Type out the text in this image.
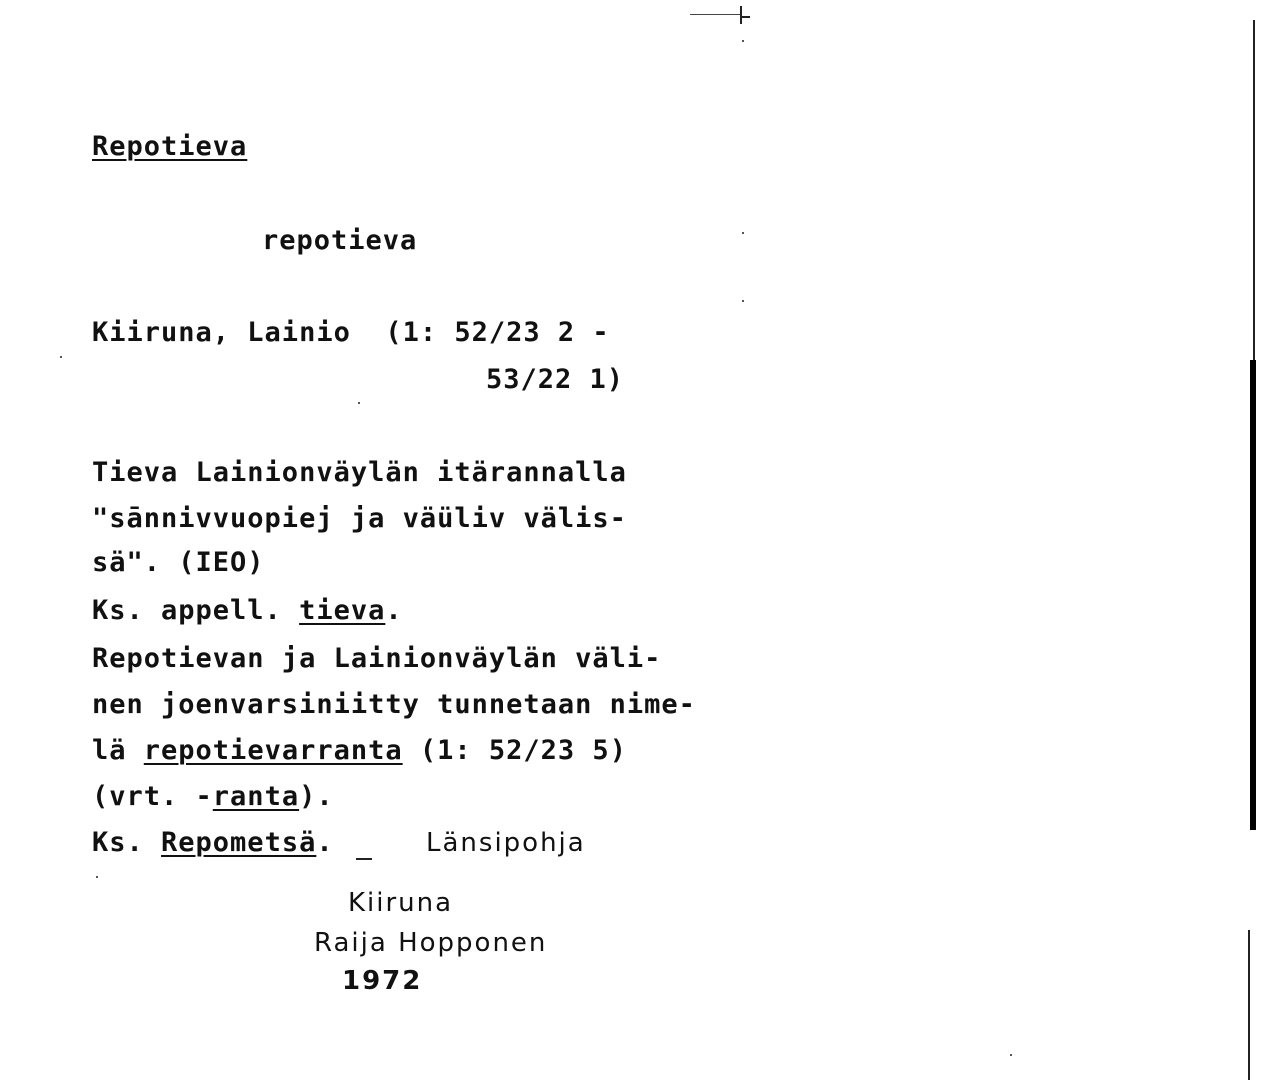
Repotieva
repotieva
Kiiruna, Lainio  (1: 52/23 2 -
53/22 1)
Tieva Lainionväylän itärannalla
"sānnivvuopiej ja väüliv välis-
sä". (IEO)
Ks. appell. tieva.
Repotievan ja Lainionväylän väli-
nen joenvarsiniitty tunnetaan nime-
lä repotievarranta (1: 52/23 5)
(vrt. -ranta).
Ks. Repometsä.	Länsipohja
Kiiruna
Raija Hopponen
1972
